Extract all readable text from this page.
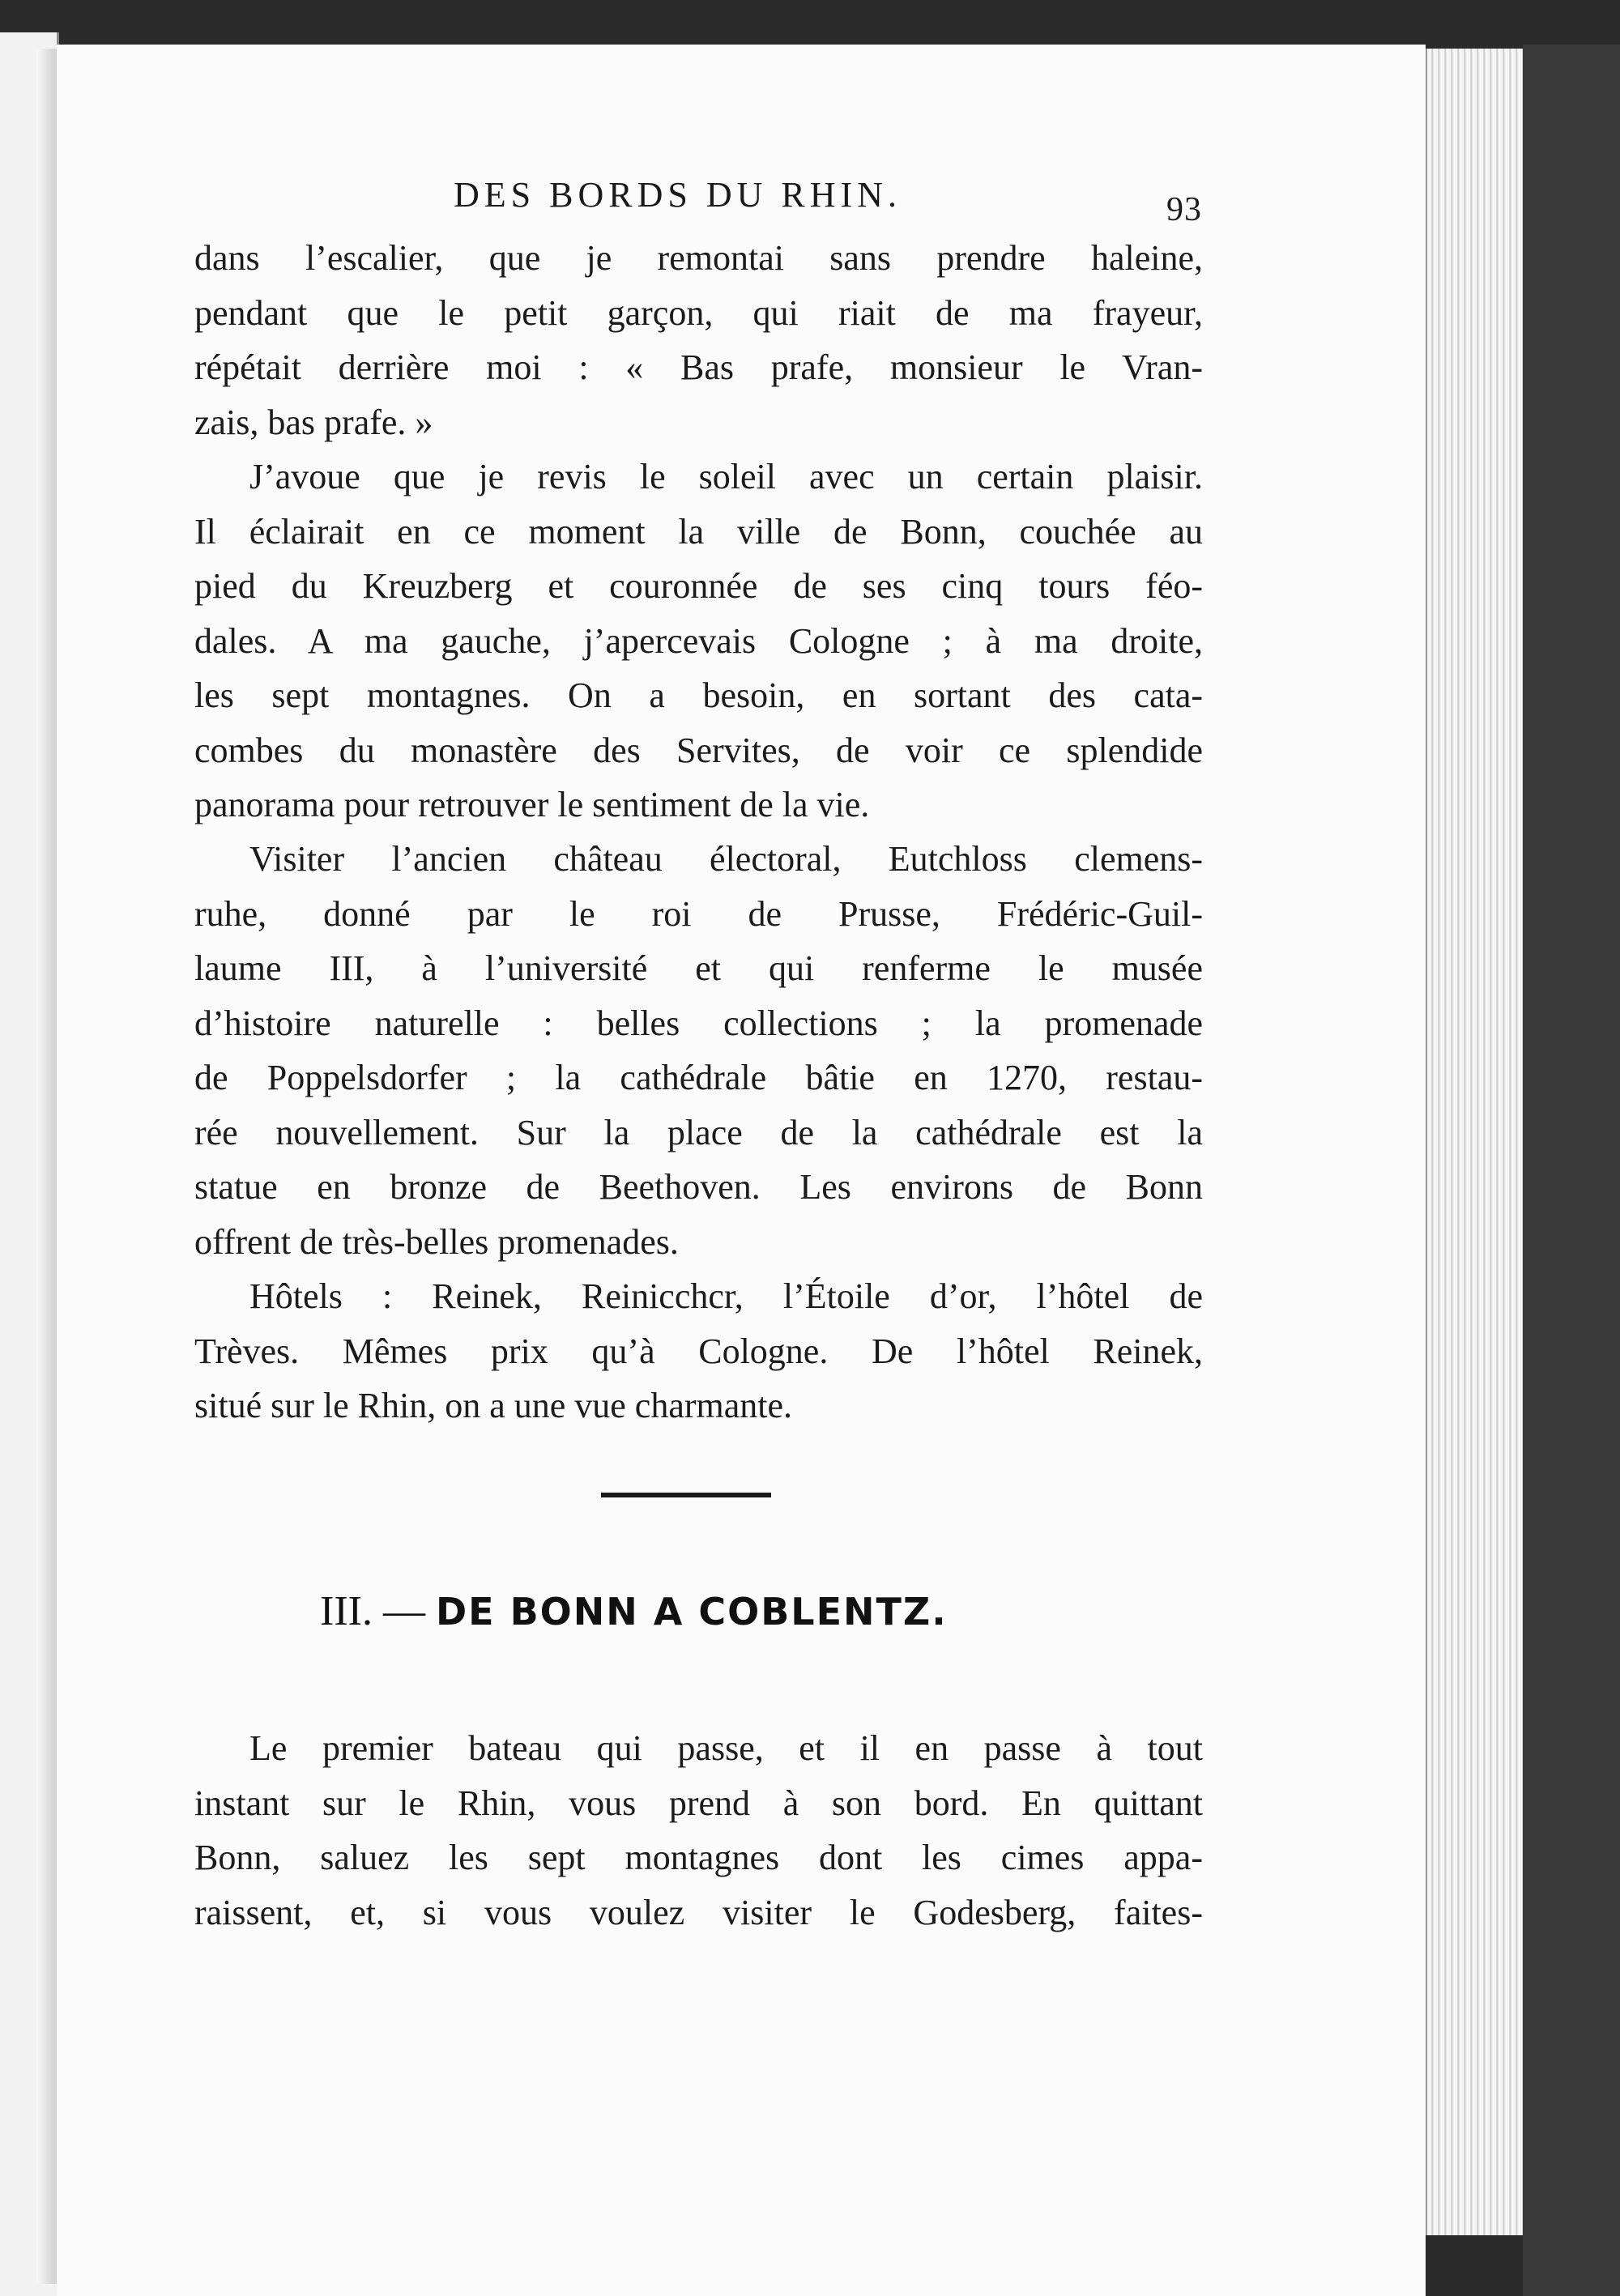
DES BORDS DU RHIN.	93
dans l’escalier, que je remontai sans prendre haleine,
pendant que le petit garçon, qui riait de ma frayeur,
répétait derrière moi : « Bas prafe, monsieur le Vran-
zais, bas prafe. »
J’avoue que je revis le soleil avec un certain plaisir.
Il éclairait en ce moment la ville de Bonn, couchée au
pied du Kreuzberg et couronnée de ses cinq tours féo-
dales. A ma gauche, j’apercevais Cologne ; à ma droite,
les sept montagnes. On a besoin, en sortant des cata-
combes du monastère des Servites, de voir ce splendide
panorama pour retrouver le sentiment de la vie.
Visiter l’ancien château électoral, Eutchloss clemens-
ruhe, donné par le roi de Prusse, Frédéric-Guil-
laume III, à l’université et qui renferme le musée
d’histoire naturelle : belles collections ; la promenade
de Poppelsdorfer ; la cathédrale bâtie en 1270, restau-
rée nouvellement. Sur la place de la cathédrale est la
statue en bronze de Beethoven. Les environs de Bonn
offrent de très-belles promenades.
Hôtels : Reinek, Reinicchcr, l’Étoile d’or, l’hôtel de
Trèves. Mêmes prix qu’à Cologne. De l’hôtel Reinek,
situé sur le Rhin, on a une vue charmante.
III. — DE BONN A COBLENTZ.
Le premier bateau qui passe, et il en passe à tout
instant sur le Rhin, vous prend à son bord. En quittant
Bonn, saluez les sept montagnes dont les cimes appa-
raissent, et, si vous voulez visiter le Godesberg, faites-
